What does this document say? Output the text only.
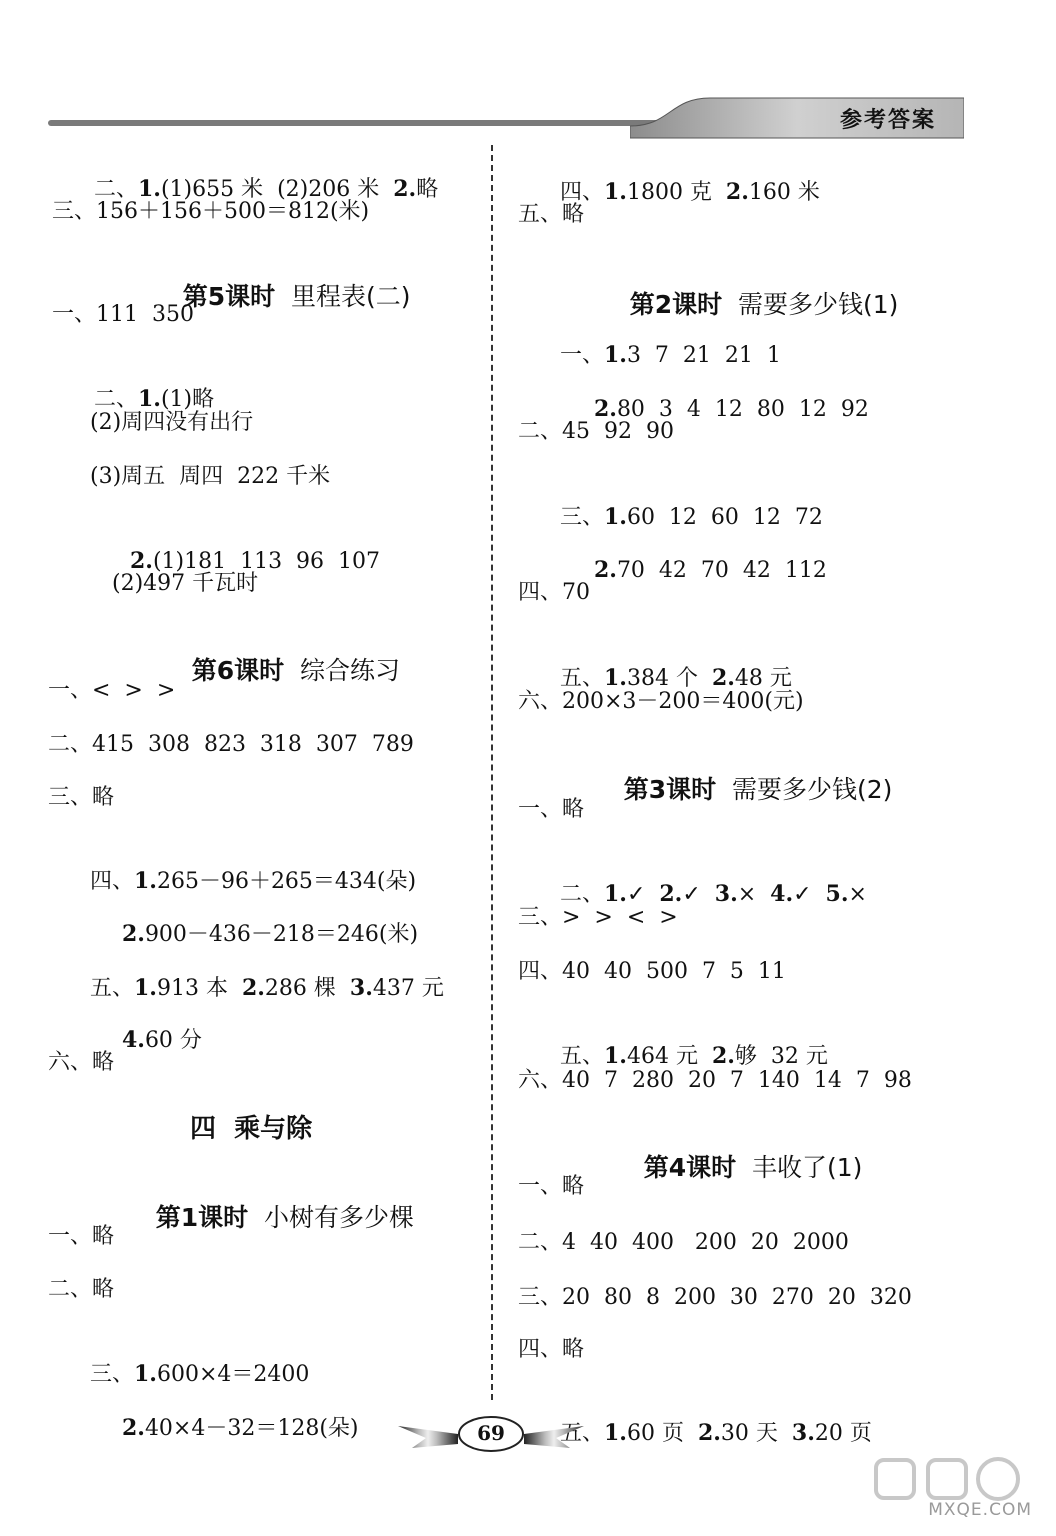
参考答案

二、1.(1)655 米  (2)206 米  2.略

三、156＋156＋500＝812(米)

第5课时  里程表(二)

一、111  350

二、1.(1)略

(2)周四没有出行
(3)周五  周四  222 千米

2.(1)181  113  96  107

(2)497 千瓦时

第6课时  综合练习

一、<  >  >
二、415  308  823  318  307  789
三、略

四、1.265－96＋265＝434(朵)

2.900－436－218＝246(米)

五、1.913 本  2.286 棵  3.437 元

4.60 分

六、略
四  乘与除

第1课时  小树有多少棵

一、略
二、略

三、1.600×4＝2400

2.40×4－32＝128(朵)

四、1.1800 克  2.160 米

五、略

第2课时  需要多少钱(1)

一、1.3  7  21  21  1

2.80  3  4  12  80  12  92

二、45  92  90

三、1.60  12  60  12  72

2.70  42  70  42  112

四、70

五、1.384 个  2.48 元

六、200×3－200＝400(元)

第3课时  需要多少钱(2)

一、略

二、1.✓  2.✓  3.×  4.✓  5.×

三、>  >  <  >
四、40  40  500  7  5  11

五、1.464 元  2.够  32 元

六、40  7  280  20  7  140  14  7  98

第4课时  丰收了(1)

一、略
二、4  40  400   200  20  2000
三、20  80  8  200  30  270  20  320
四、略

五、1.60 页  2.30 天  3.20 页

69
MXQE.COM
